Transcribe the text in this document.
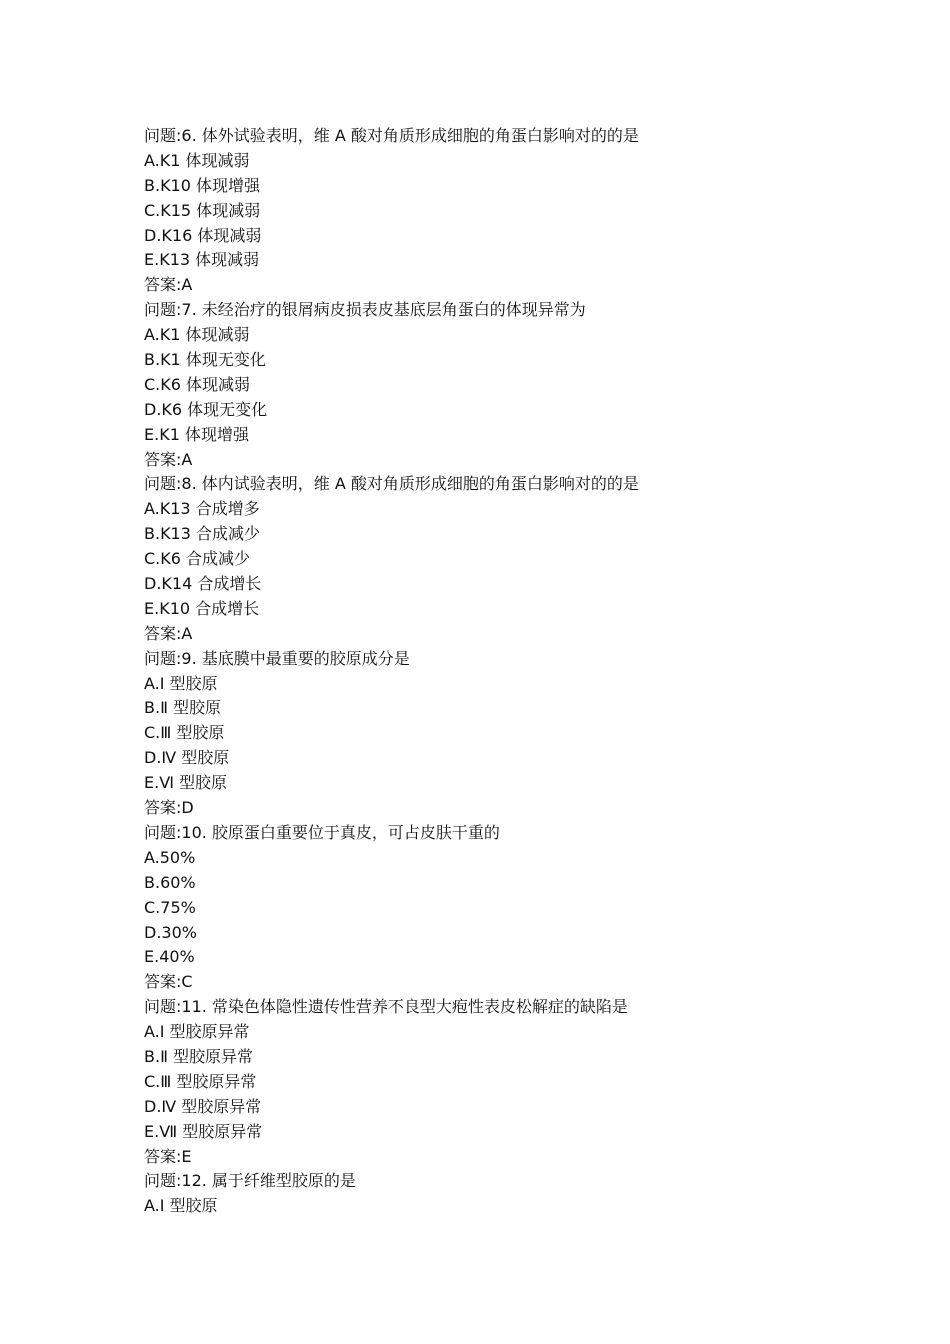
问题:6. 体外试验表明，维 A 酸对角质形成细胞的角蛋白影响对的的是
A.K1 体现减弱
B.K10 体现增强
C.K15 体现减弱
D.K16 体现减弱
E.K13 体现减弱
答案:A
问题:7. 未经治疗的银屑病皮损表皮基底层角蛋白的体现异常为
A.K1 体现减弱
B.K1 体现无变化
C.K6 体现减弱
D.K6 体现无变化
E.K1 体现增强
答案:A
问题:8. 体内试验表明，维 A 酸对角质形成细胞的角蛋白影响对的的是
A.K13 合成增多
B.K13 合成减少
C.K6 合成减少
D.K14 合成增长
E.K10 合成增长
答案:A
问题:9. 基底膜中最重要的胶原成分是
A.Ⅰ 型胶原
B.Ⅱ 型胶原
C.Ⅲ 型胶原
D.Ⅳ 型胶原
E.Ⅵ 型胶原
答案:D
问题:10. 胶原蛋白重要位于真皮，可占皮肤干重的
A.50%
B.60%
C.75%
D.30%
E.40%
答案:C
问题:11. 常染色体隐性遗传性营养不良型大疱性表皮松解症的缺陷是
A.Ⅰ 型胶原异常
B.Ⅱ 型胶原异常
C.Ⅲ 型胶原异常
D.Ⅳ 型胶原异常
E.Ⅶ 型胶原异常
答案:E
问题:12. 属于纤维型胶原的是
A.Ⅰ 型胶原
